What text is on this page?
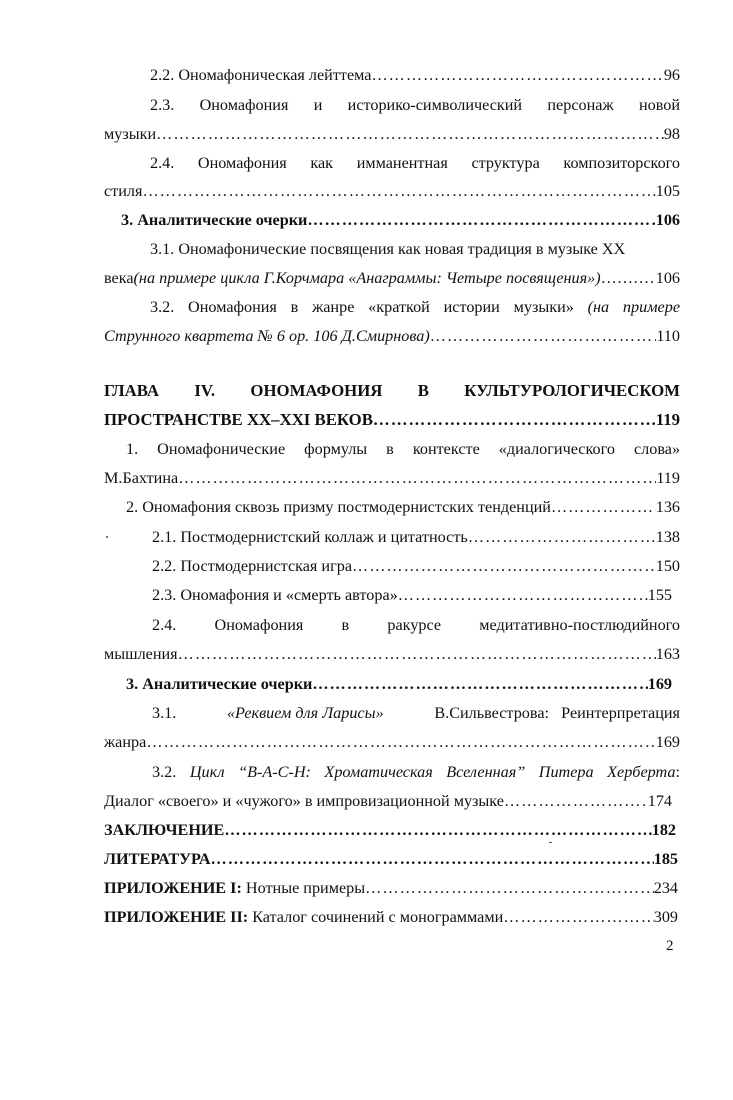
2.2. Ономафоническая лейттема ………………………………………………………………………………………………………………………………………………………………………………	96
2.3. Ономафония и историко-символический персонаж новой
музыки ………………………………………………………………………………………………………………………………………………………………………………	98
2.4. Ономафония как имманентная структура композиторского
стиля ………………………………………………………………………………………………………………………………………………………………………………	105
3. Аналитические очерки ………………………………………………………………………………………………………………………………………………………………………………	106
3.1. Ономафонические посвящения как новая традиция в музыке XX
века (на примере цикла Г.Корчмара «Анаграммы: Четыре посвящения») ………………………………………………………………………………………………………………………………………………………………………………	106
3.2. Ономафония в жанре «краткой истории музыки» (на примере
Струнного квартета № 6 ор. 106 Д.Смирнова) ………………………………………………………………………………………………………………………………………………………………………………	110
ГЛАВА IV. ОНОМАФОНИЯ В КУЛЬТУРОЛОГИЧЕСКОМ
ПРОСТРАНСТВЕ XX–XXI ВЕКОВ ………………………………………………………………………………………………………………………………………………………………………………	119
1. Ономафонические формулы в контексте «диалогического слова»
М.Бахтина ………………………………………………………………………………………………………………………………………………………………………………	119
2. Ономафония сквозь призму постмодернистских тенденций ………………………………………………………………………………………………………………………………………………………………………………	136
2.1. Постмодернистский коллаж и цитатность ………………………………………………………………………………………………………………………………………………………………………………	138
2.2. Постмодернистская игра ………………………………………………………………………………………………………………………………………………………………………………	150
2.3. Ономафония и «смерть автора» ………………………………………………………………………………………………………………………………………………………………………………	155
2.4. Ономафония в ракурсе медитативно-постлюдийного
мышления ………………………………………………………………………………………………………………………………………………………………………………	163
3. Аналитические очерки ………………………………………………………………………………………………………………………………………………………………………………	169
3.1.	«Реквием для Ларисы»	В.Сильвестрова:   Реинтерпретация
жанра ………………………………………………………………………………………………………………………………………………………………………………	169
3.2. Цикл “B-A-C-H: Хроматическая Вселенная” Питера Херберта:
Диалог «своего» и «чужого» в импровизационной музыке ………………………………………………………………………………………………………………………………………………………………………………	174
ЗАКЛЮЧЕНИЕ ………………………………………………………………………………………………………………………………………………………………………………	182
ЛИТЕРАТУРА ………………………………………………………………………………………………………………………………………………………………………………	185
ПРИЛОЖЕНИЕ I: Нотные примеры ………………………………………………………………………………………………………………………………………………………………………………	234
ПРИЛОЖЕНИЕ II: Каталог сочинений с монограммами ………………………………………………………………………………………………………………………………………………………………………………	309
2
